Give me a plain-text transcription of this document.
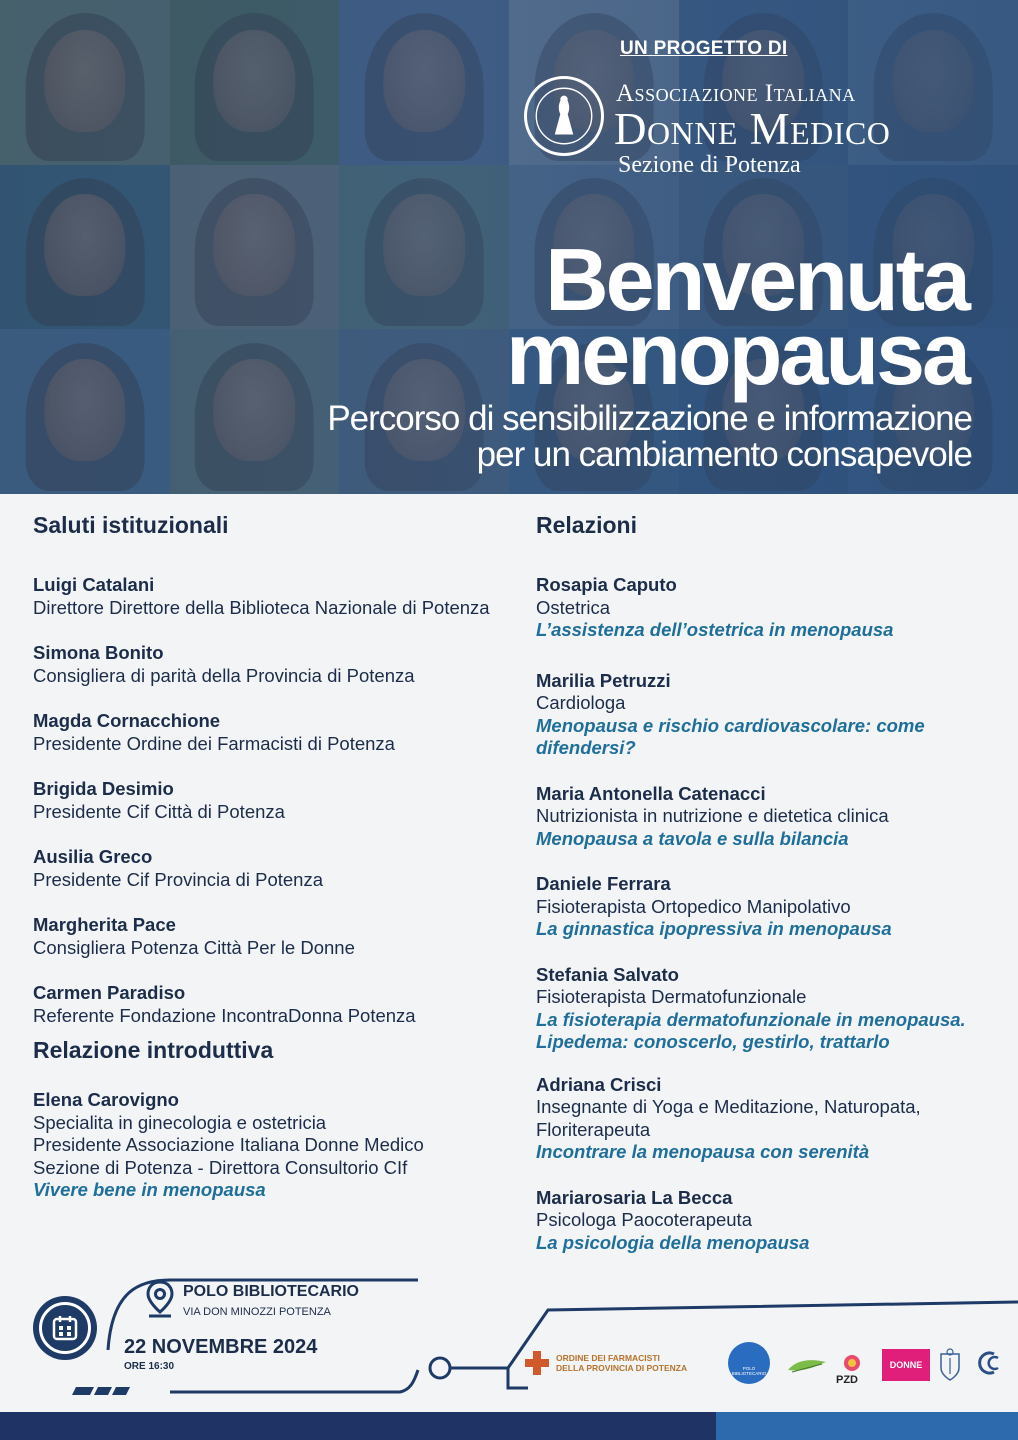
UN PROGETTO DI
Associazione Italiana
Donne Medico
Sezione di Potenza
Benvenuta
menopausa
Percorso di sensibilizzazione e informazione
per un cambiamento consapevole
Saluti istituzionali
Luigi Catalani
Direttore Direttore della Biblioteca Nazionale di Potenza
Simona Bonito
Consigliera di parità della Provincia di Potenza
Magda Cornacchione
Presidente Ordine dei Farmacisti di Potenza
Brigida Desimio
Presidente Cif Città di Potenza
Ausilia Greco
Presidente Cif Provincia di Potenza
Margherita Pace
Consigliera Potenza Città Per le Donne
Carmen Paradiso
Referente Fondazione IncontraDonna Potenza
Relazione introduttiva
Elena Carovigno
Specialita in ginecologia e ostetricia
Presidente Associazione Italiana Donne Medico
Sezione di Potenza - Direttora Consultorio CIf
Vivere bene in menopausa
Relazioni
Rosapia Caputo
Ostetrica
L’assistenza dell’ostetrica in menopausa
Marilia Petruzzi
Cardiologa
Menopausa e rischio cardiovascolare: come difendersi?
Maria Antonella Catenacci
Nutrizionista in nutrizione e dietetica clinica
Menopausa a tavola e sulla bilancia
Daniele Ferrara
Fisioterapista Ortopedico Manipolativo
La ginnastica ipopressiva in menopausa
Stefania Salvato
Fisioterapista Dermatofunzionale
La fisioterapia dermatofunzionale in menopausa. Lipedema: conoscerlo, gestirlo, trattarlo
Adriana Crisci
Insegnante di Yoga e Meditazione, Naturopata, Floriterapeuta
Incontrare la menopausa con serenità
Mariarosaria La Becca
Psicologa Paocoterapeuta
La psicologia della menopausa
POLO BIBLIOTECARIO
VIA DON MINOZZI POTENZA
22 NOVEMBRE 2024
ORE 16:30
ORDINE DEI FARMACISTI
DELLA PROVINCIA DI POTENZA	POLO BIBLIOTECARIO
PZD
DONNE
